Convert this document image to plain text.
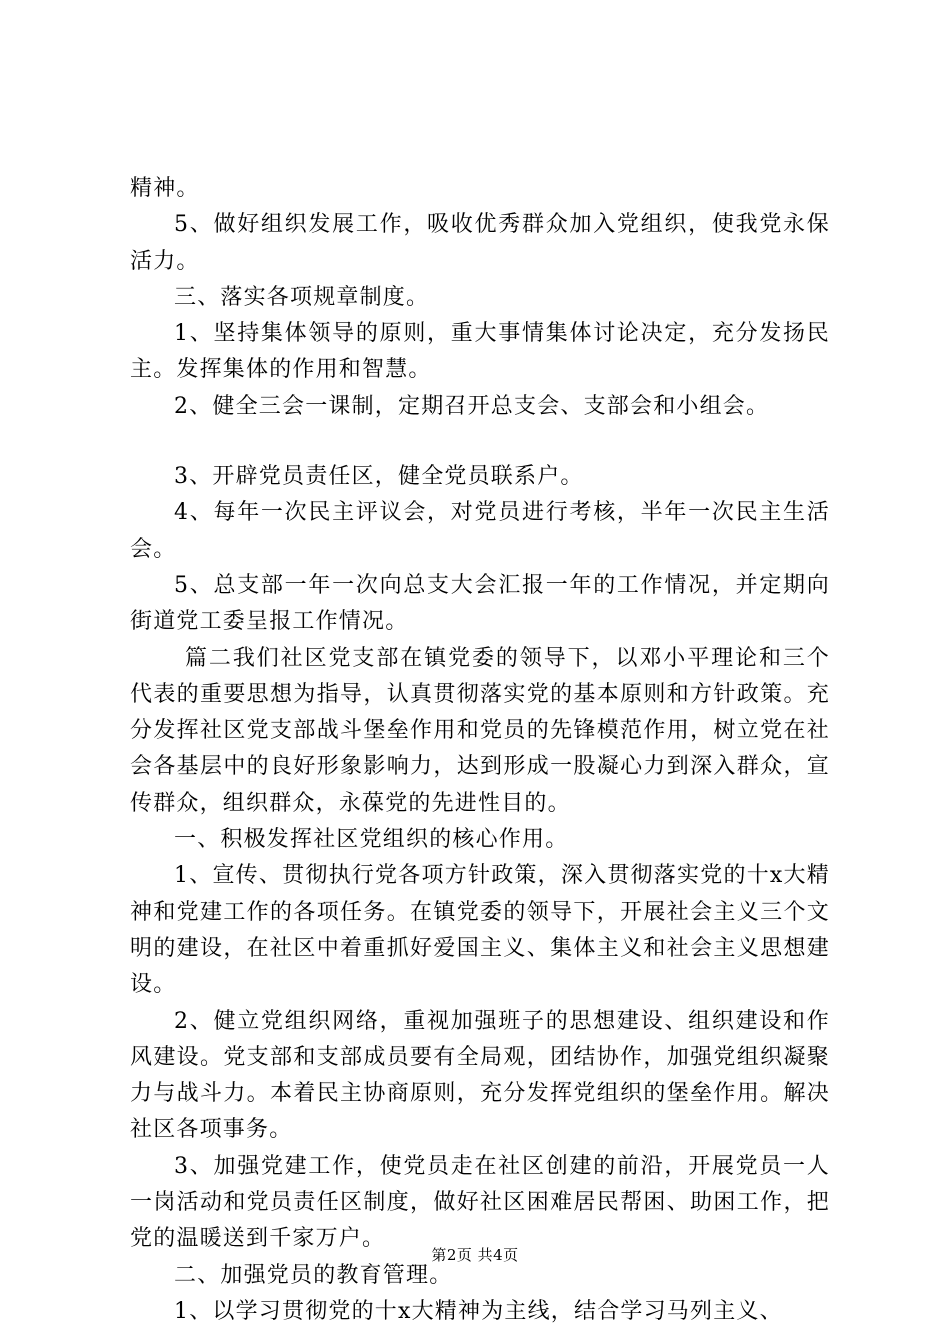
精神。

5、做好组织发展工作，吸收优秀群众加入党组织，使我党永保活力。

三、落实各项规章制度。

1、坚持集体领导的原则，重大事情集体讨论决定，充分发扬民主。发挥集体的作用和智慧。

2、健全三会一课制，定期召开总支会、支部会和小组会。

3、开辟党员责任区，健全党员联系户。

4、每年一次民主评议会，对党员进行考核，半年一次民主生活会。

5、总支部一年一次向总支大会汇报一年的工作情况，并定期向街道党工委呈报工作情况。

篇二我们社区党支部在镇党委的领导下，以邓小平理论和三个代表的重要思想为指导，认真贯彻落实党的基本原则和方针政策。充分发挥社区党支部战斗堡垒作用和党员的先锋模范作用，树立党在社会各基层中的良好形象影响力，达到形成一股凝心力到深入群众，宣传群众，组织群众，永葆党的先进性目的。

一、积极发挥社区党组织的核心作用。

1、宣传、贯彻执行党各项方针政策，深入贯彻落实党的十x大精神和党建工作的各项任务。在镇党委的领导下，开展社会主义三个文明的建设，在社区中着重抓好爱国主义、集体主义和社会主义思想建设。

2、健立党组织网络，重视加强班子的思想建设、组织建设和作风建设。党支部和支部成员要有全局观，团结协作，加强党组织凝聚力与战斗力。本着民主协商原则，充分发挥党组织的堡垒作用。解决社区各项事务。

3、加强党建工作，使党员走在社区创建的前沿，开展党员一人一岗活动和党员责任区制度，做好社区困难居民帮困、助困工作，把党的温暖送到千家万户。

二、加强党员的教育管理。

1、以学习贯彻党的十x大精神为主线，结合学习马列主义、

第2页 共4页
